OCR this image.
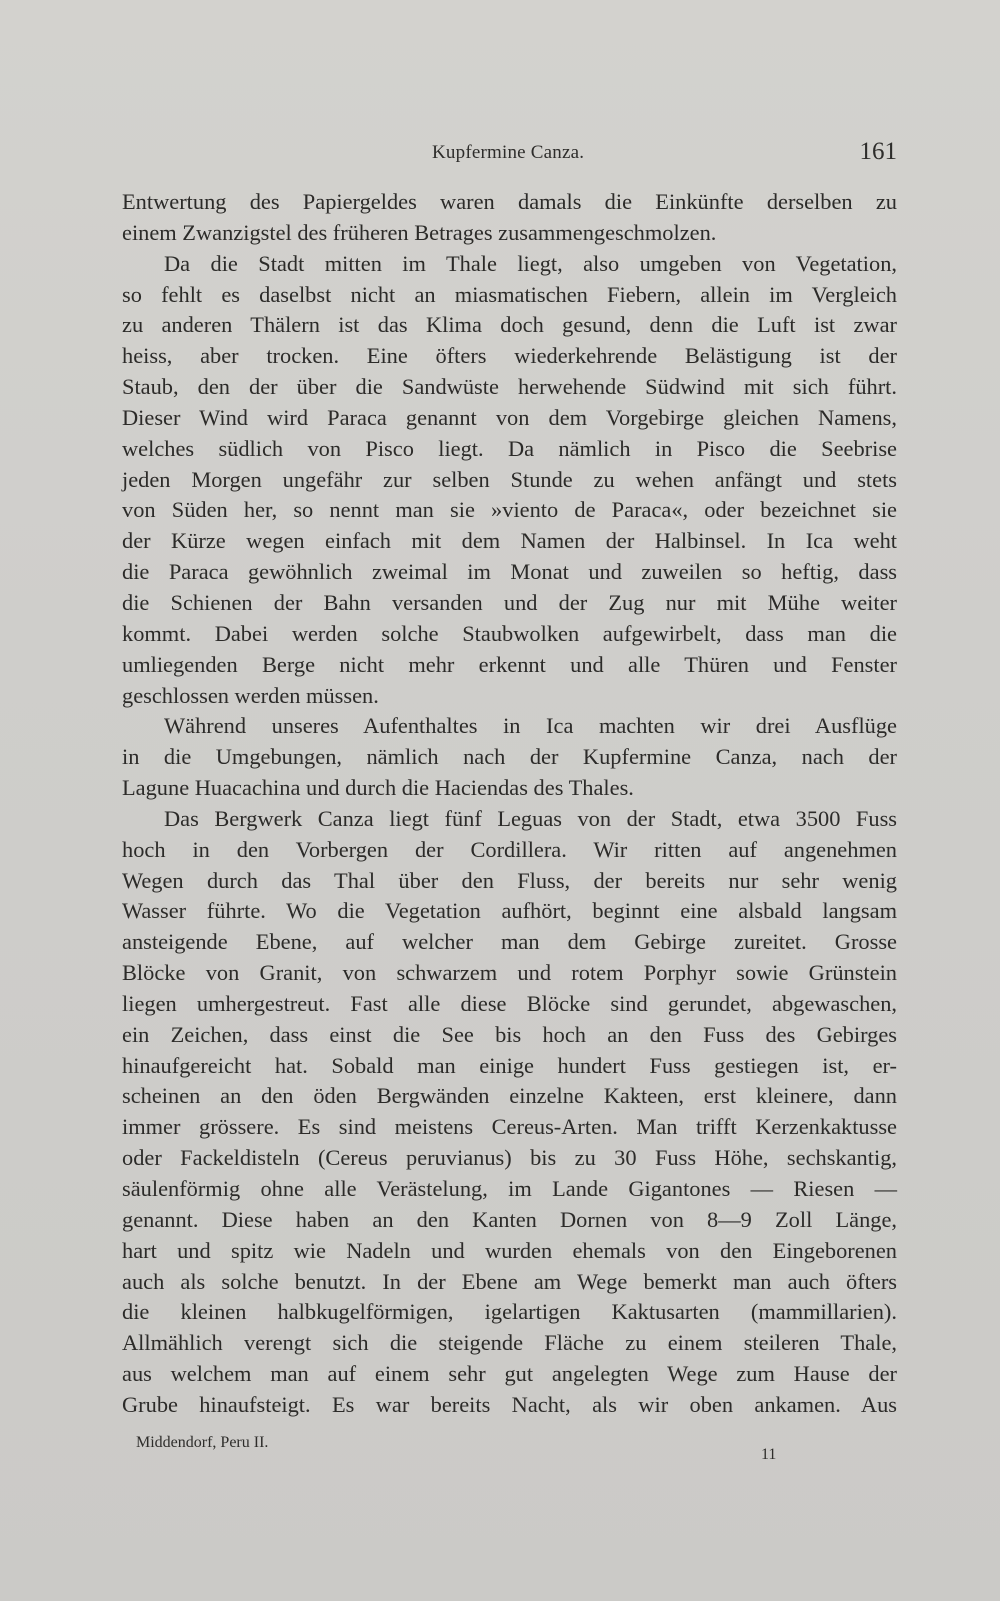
Kupfermine Canza.	161

Entwertung des Papiergeldes waren damals die Einkünfte derselben zu
einem Zwanzigstel des früheren Betrages zusammengeschmolzen.

Da die Stadt mitten im Thale liegt, also umgeben von Vegetation,
so fehlt es daselbst nicht an miasmatischen Fiebern, allein im Vergleich
zu anderen Thälern ist das Klima doch gesund, denn die Luft ist zwar
heiss, aber trocken. Eine öfters wiederkehrende Belästigung ist der
Staub, den der über die Sandwüste herwehende Südwind mit sich führt.
Dieser Wind wird Paraca genannt von dem Vorgebirge gleichen Namens,
welches südlich von Pisco liegt. Da nämlich in Pisco die Seebrise
jeden Morgen ungefähr zur selben Stunde zu wehen anfängt und stets
von Süden her, so nennt man sie »viento de Paraca«, oder bezeichnet sie
der Kürze wegen einfach mit dem Namen der Halbinsel. In Ica weht
die Paraca gewöhnlich zweimal im Monat und zuweilen so heftig, dass
die Schienen der Bahn versanden und der Zug nur mit Mühe weiter
kommt. Dabei werden solche Staubwolken aufgewirbelt, dass man die
umliegenden Berge nicht mehr erkennt und alle Thüren und Fenster
geschlossen werden müssen.

Während unseres Aufenthaltes in Ica machten wir drei Ausflüge
in die Umgebungen, nämlich nach der Kupfermine Canza, nach der
Lagune Huacachina und durch die Haciendas des Thales.

Das Bergwerk Canza liegt fünf Leguas von der Stadt, etwa 3500 Fuss
hoch in den Vorbergen der Cordillera. Wir ritten auf angenehmen
Wegen durch das Thal über den Fluss, der bereits nur sehr wenig
Wasser führte. Wo die Vegetation aufhört, beginnt eine alsbald langsam
ansteigende Ebene, auf welcher man dem Gebirge zureitet. Grosse
Blöcke von Granit, von schwarzem und rotem Porphyr sowie Grünstein
liegen umhergestreut. Fast alle diese Blöcke sind gerundet, abgewaschen,
ein Zeichen, dass einst die See bis hoch an den Fuss des Gebirges
hinaufgereicht hat. Sobald man einige hundert Fuss gestiegen ist, er-
scheinen an den öden Bergwänden einzelne Kakteen, erst kleinere, dann
immer grössere. Es sind meistens Cereus-Arten. Man trifft Kerzenkaktusse
oder Fackeldisteln (Cereus peruvianus) bis zu 30 Fuss Höhe, sechskantig,
säulenförmig ohne alle Verästelung, im Lande Gigantones — Riesen —
genannt. Diese haben an den Kanten Dornen von 8—9 Zoll Länge,
hart und spitz wie Nadeln und wurden ehemals von den Eingeborenen
auch als solche benutzt. In der Ebene am Wege bemerkt man auch öfters
die kleinen halbkugelförmigen, igelartigen Kaktusarten (mammillarien).
Allmählich verengt sich die steigende Fläche zu einem steileren Thale,
aus welchem man auf einem sehr gut angelegten Wege zum Hause der
Grube hinaufsteigt. Es war bereits Nacht, als wir oben ankamen. Aus

Middendorf, Peru II.
11
